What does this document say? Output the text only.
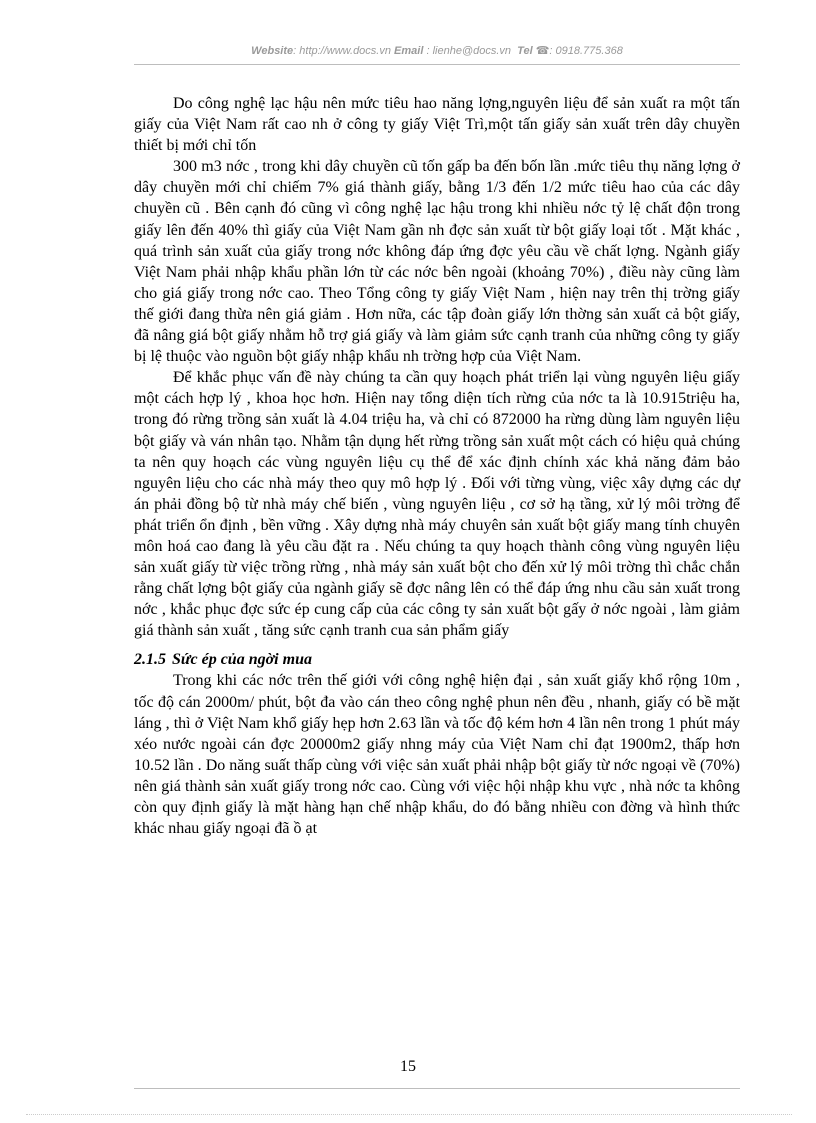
Website: http://www.docs.vn Email : lienhe@docs.vn Tel ☎: 0918.775.368

Do công nghệ lạc hậu nên mức tiêu hao năng lợng,nguyên liệu để sản xuất ra một tấn giấy của Việt Nam rất cao nh ở công ty giấy Việt Trì,một tấn giấy sản xuất trên dây chuyền thiết bị mới chỉ tốn

300 m3 nớc , trong khi dây chuyền cũ tốn gấp ba đến bốn lần .mức tiêu thụ năng lợng ở dây chuyền mới chỉ chiếm 7% giá thành giấy, bằng 1/3 đến 1/2 mức tiêu hao của các dây chuyền cũ . Bên cạnh đó cũng vì công nghệ lạc hậu trong khi nhiều nớc tỷ lệ chất độn trong giấy lên đến 40% thì giấy của Việt Nam gần nh đợc sản xuất từ bột giấy loại tốt . Mặt khác , quá trình sản xuất của giấy trong nớc không đáp ứng đợc yêu cầu về chất lợng. Ngành giấy Việt Nam phải nhập khẩu phần lớn từ các nớc bên ngoài (khoảng 70%) , điều này cũng làm cho giá giấy trong nớc cao. Theo Tổng công ty giấy Việt Nam , hiện nay trên thị trờng giấy thế giới đang thừa nên giá giảm . Hơn nữa, các tập đoàn giấy lớn thờng sản xuất cả bột giấy, đã nâng giá bột giấy nhằm hỗ trợ giá giấy và làm giảm sức cạnh tranh của những công ty giấy bị lệ thuộc vào nguồn bột giấy nhập khẩu nh trờng hợp của Việt Nam.

Để khắc phục vấn đề này chúng ta cần quy hoạch phát triển lại vùng nguyên liệu giấy một cách hợp lý , khoa học hơn. Hiện nay tổng diện tích rừng của nớc ta là 10.915triệu ha, trong đó rừng trồng sản xuất là 4.04 triệu ha, và chỉ có 872000 ha rừng dùng làm nguyên liệu bột giấy và ván nhân tạo. Nhằm tận dụng hết rừng trồng sản xuất một cách có hiệu quả chúng ta nên quy hoạch các vùng nguyên liệu cụ thể để xác định chính xác khả năng đảm bảo nguyên liệu cho các nhà máy theo quy mô hợp lý . Đối với từng vùng, việc xây dựng các dự án phải đồng bộ từ nhà máy chế biến , vùng nguyên liệu , cơ sở hạ tầng, xử lý môi trờng để phát triển ổn định , bền vững . Xây dựng nhà máy chuyên sản xuất bột giấy mang tính chuyên môn hoá cao đang là yêu cầu đặt ra . Nếu chúng ta quy hoạch thành công vùng nguyên liệu sản xuất giấy từ việc trồng rừng , nhà máy sản xuất bột cho đến xử lý môi trờng thì chắc chắn rằng chất lợng bột giấy của ngành giấy sẽ đợc nâng lên có thể đáp ứng nhu cầu sản xuất trong nớc , khắc phục đợc sức ép cung cấp của các công ty sản xuất bột gấy ở nớc ngoài , làm giảm giá thành sản xuất , tăng sức cạnh tranh cua sản phẩm giấy

2.1.5 Sức ép của ngời mua

Trong khi các nớc trên thế giới với công nghệ hiện đại , sản xuất giấy khổ rộng 10m , tốc độ cán 2000m/ phút, bột đa vào cán theo công nghệ phun nên đều , nhanh, giấy có bề mặt láng , thì ở Việt Nam khổ giấy hẹp hơn 2.63 lần và tốc độ kém hơn 4 lần nên trong 1 phút máy xéo nước ngoài cán đợc 20000m2 giấy nhng máy của Việt Nam chỉ đạt 1900m2, thấp hơn 10.52 lần . Do năng suất thấp cùng với việc sản xuất phải nhập bột giấy từ nớc ngoại về (70%) nên giá thành sản xuất giấy trong nớc cao. Cùng với việc hội nhập khu vực , nhà nớc ta không còn quy định giấy là mặt hàng hạn chế nhập khẩu, do đó bằng nhiều con đờng và hình thức khác nhau giấy ngoại đã ồ ạt

15
